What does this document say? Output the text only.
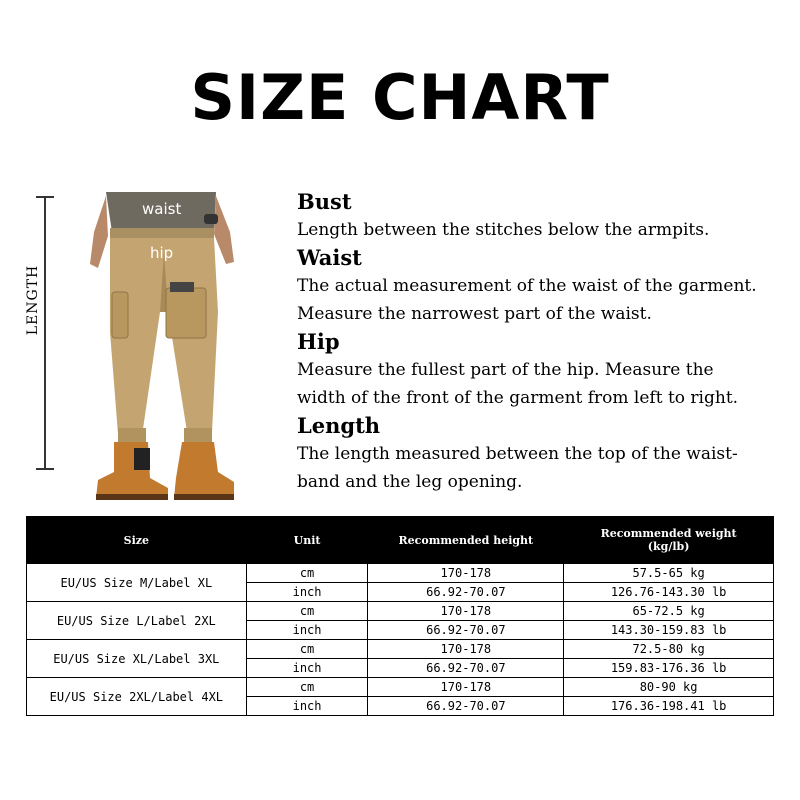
SIZE CHART
LENGTH
waist
hip
Bust
Length between the stitches below the armpits.
Waist
The actual measurement of the waist of the garment.
Measure the narrowest part of the waist.
Hip
Measure the fullest part of the hip. Measure the
width of the front of the garment from left to right.
Length
The length measured between the top of the waist-
band and the leg opening.
Size	Unit	Recommended height	Recommended weight
(kg/lb)

EU/US Size M/Label XL	cm	170-178	57.5-65 kg
	inch	66.92-70.07	126.76-143.30 lb
EU/US Size L/Label 2XL	cm	170-178	65-72.5 kg
	inch	66.92-70.07	143.30-159.83 lb
EU/US Size XL/Label 3XL	cm	170-178	72.5-80 kg
	inch	66.92-70.07	159.83-176.36 lb
EU/US Size 2XL/Label 4XL	cm	170-178	80-90 kg
	inch	66.92-70.07	176.36-198.41 lb
